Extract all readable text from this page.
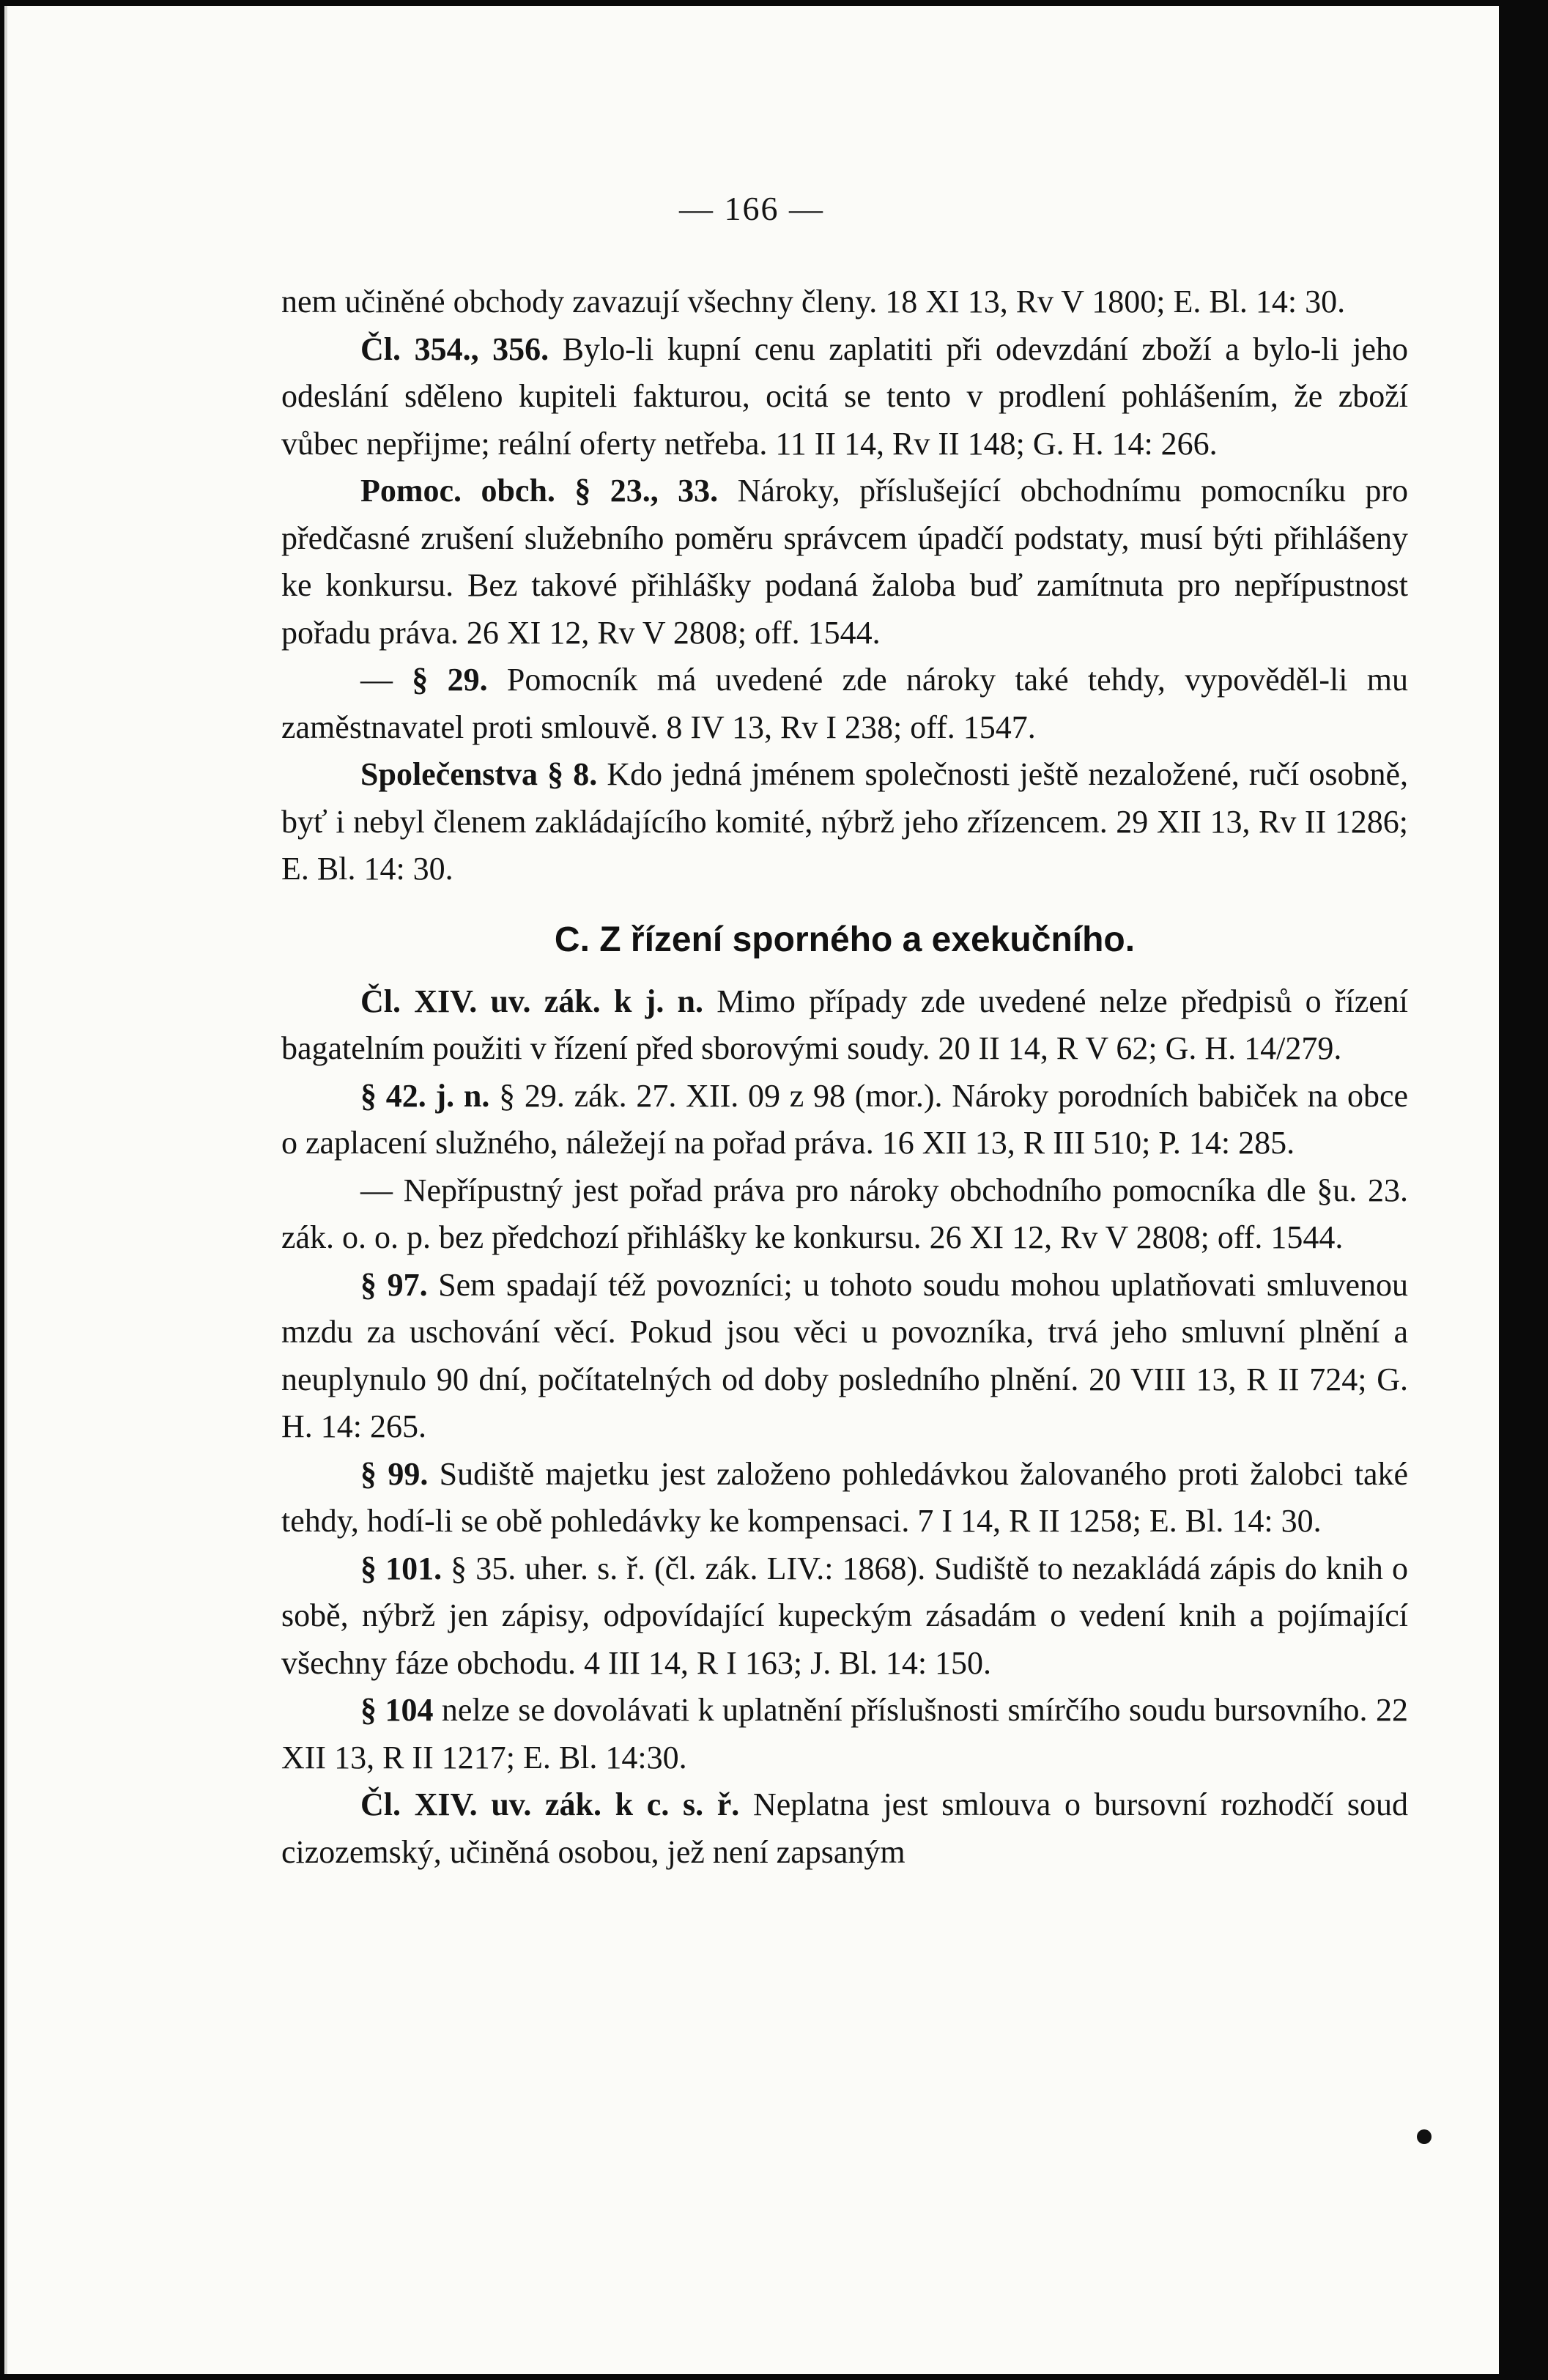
— 166 —

nem učiněné obchody zavazují všechny členy. 18 XI 13, Rv V 1800; E. Bl. 14: 30.

Čl. 354., 356. Bylo-li kupní cenu zaplatiti při odevzdání zboží a bylo-li jeho odeslání sděleno kupiteli fakturou, ocitá se tento v prodlení pohlášením, že zboží vůbec nepřijme; reální oferty netřeba. 11 II 14, Rv II 148; G. H. 14: 266.

Pomoc. obch. § 23., 33. Nároky, příslušející obchodnímu pomocníku pro předčasné zrušení služebního poměru správcem úpadčí podstaty, musí býti přihlášeny ke konkursu. Bez takové přihlášky podaná žaloba buď zamítnuta pro nepřípustnost pořadu práva. 26 XI 12, Rv V 2808; off. 1544.

— § 29. Pomocník má uvedené zde nároky také tehdy, vypověděl-li mu zaměstnavatel proti smlouvě. 8 IV 13, Rv I 238; off. 1547.

Společenstva § 8. Kdo jedná jménem společnosti ještě nezaložené, ručí osobně, byť i nebyl členem zakládajícího komité, nýbrž jeho zřízencem. 29 XII 13, Rv II 1286; E. Bl. 14: 30.

C. Z řízení sporného a exekučního.

Čl. XIV. uv. zák. k j. n. Mimo případy zde uvedené nelze předpisů o řízení bagatelním použiti v řízení před sborovými soudy. 20 II 14, R V 62; G. H. 14/279.

§ 42. j. n. § 29. zák. 27. XII. 09 z 98 (mor.). Nároky porodních babiček na obce o zaplacení služného, náležejí na pořad práva. 16 XII 13, R III 510; P. 14: 285.

— Nepřípustný jest pořad práva pro nároky obchodního pomocníka dle §u. 23. zák. o. o. p. bez předchozí přihlášky ke konkursu. 26 XI 12, Rv V 2808; off. 1544.

§ 97. Sem spadají též povozníci; u tohoto soudu mohou uplatňovati smluvenou mzdu za uschování věcí. Pokud jsou věci u povozníka, trvá jeho smluvní plnění a neuplynulo 90 dní, počítatelných od doby posledního plnění. 20 VIII 13, R II 724; G. H. 14: 265.

§ 99. Sudiště majetku jest založeno pohledávkou žalovaného proti žalobci také tehdy, hodí-li se obě pohledávky ke kompensaci. 7 I 14, R II 1258; E. Bl. 14: 30.

§ 101. § 35. uher. s. ř. (čl. zák. LIV.: 1868). Sudiště to nezakládá zápis do knih o sobě, nýbrž jen zápisy, odpovídající kupeckým zásadám o vedení knih a pojímající všechny fáze obchodu. 4 III 14, R I 163; J. Bl. 14: 150.

§ 104 nelze se dovolávati k uplatnění příslušnosti smírčího soudu bursovního. 22 XII 13, R II 1217; E. Bl. 14:30.

Čl. XIV. uv. zák. k c. s. ř. Neplatna jest smlouva o bursovní rozhodčí soud cizozemský, učiněná osobou, jež není zapsaným
